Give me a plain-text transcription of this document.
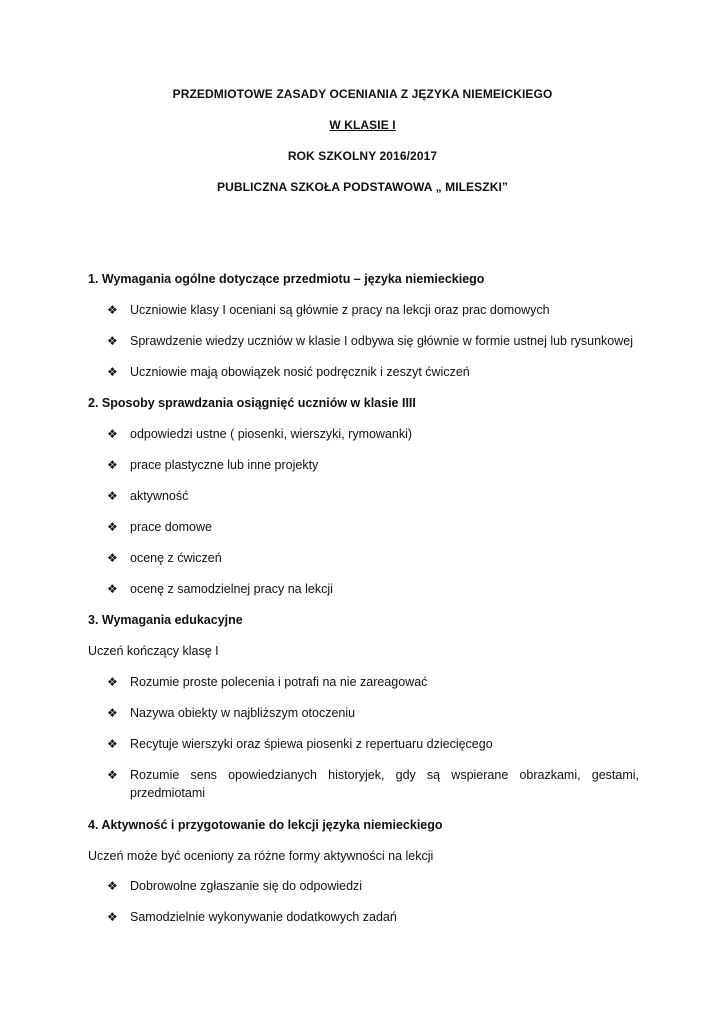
PRZEDMIOTOWE ZASADY OCENIANIA Z JĘZYKA NIEMEICKIEGO
W KLASIE I
ROK SZKOLNY 2016/2017
PUBLICZNA SZKOŁA PODSTAWOWA „ MILESZKI”
1. Wymagania ogólne dotyczące przedmiotu – języka niemieckiego
❖ Uczniowie klasy I oceniani są głównie z pracy na lekcji oraz prac domowych
❖ Sprawdzenie wiedzy uczniów w klasie I odbywa się głównie w formie ustnej lub rysunkowej
❖ Uczniowie mają obowiązek nosić podręcznik i zeszyt ćwiczeń
2. Sposoby sprawdzania osiągnięć uczniów w klasie IIII
❖ odpowiedzi ustne ( piosenki, wierszyki, rymowanki)
❖ prace plastyczne lub inne projekty
❖ aktywność
❖ prace domowe
❖ ocenę z ćwiczeń
❖ ocenę z samodzielnej pracy na lekcji
3. Wymagania edukacyjne
Uczeń kończący klasę I
❖ Rozumie proste polecenia i potrafi na nie zareagować
❖ Nazywa obiekty w najbliższym otoczeniu
❖ Recytuje wierszyki oraz śpiewa piosenki z repertuaru dziecięcego
❖ Rozumie sens opowiedzianych historyjek, gdy są wspierane obrazkami, gestami, przedmiotami
4. Aktywność i przygotowanie do lekcji języka niemieckiego
Uczeń może być oceniony za różne formy aktywności na lekcji
❖ Dobrowolne zgłaszanie się do odpowiedzi
❖ Samodzielnie wykonywanie dodatkowych zadań
